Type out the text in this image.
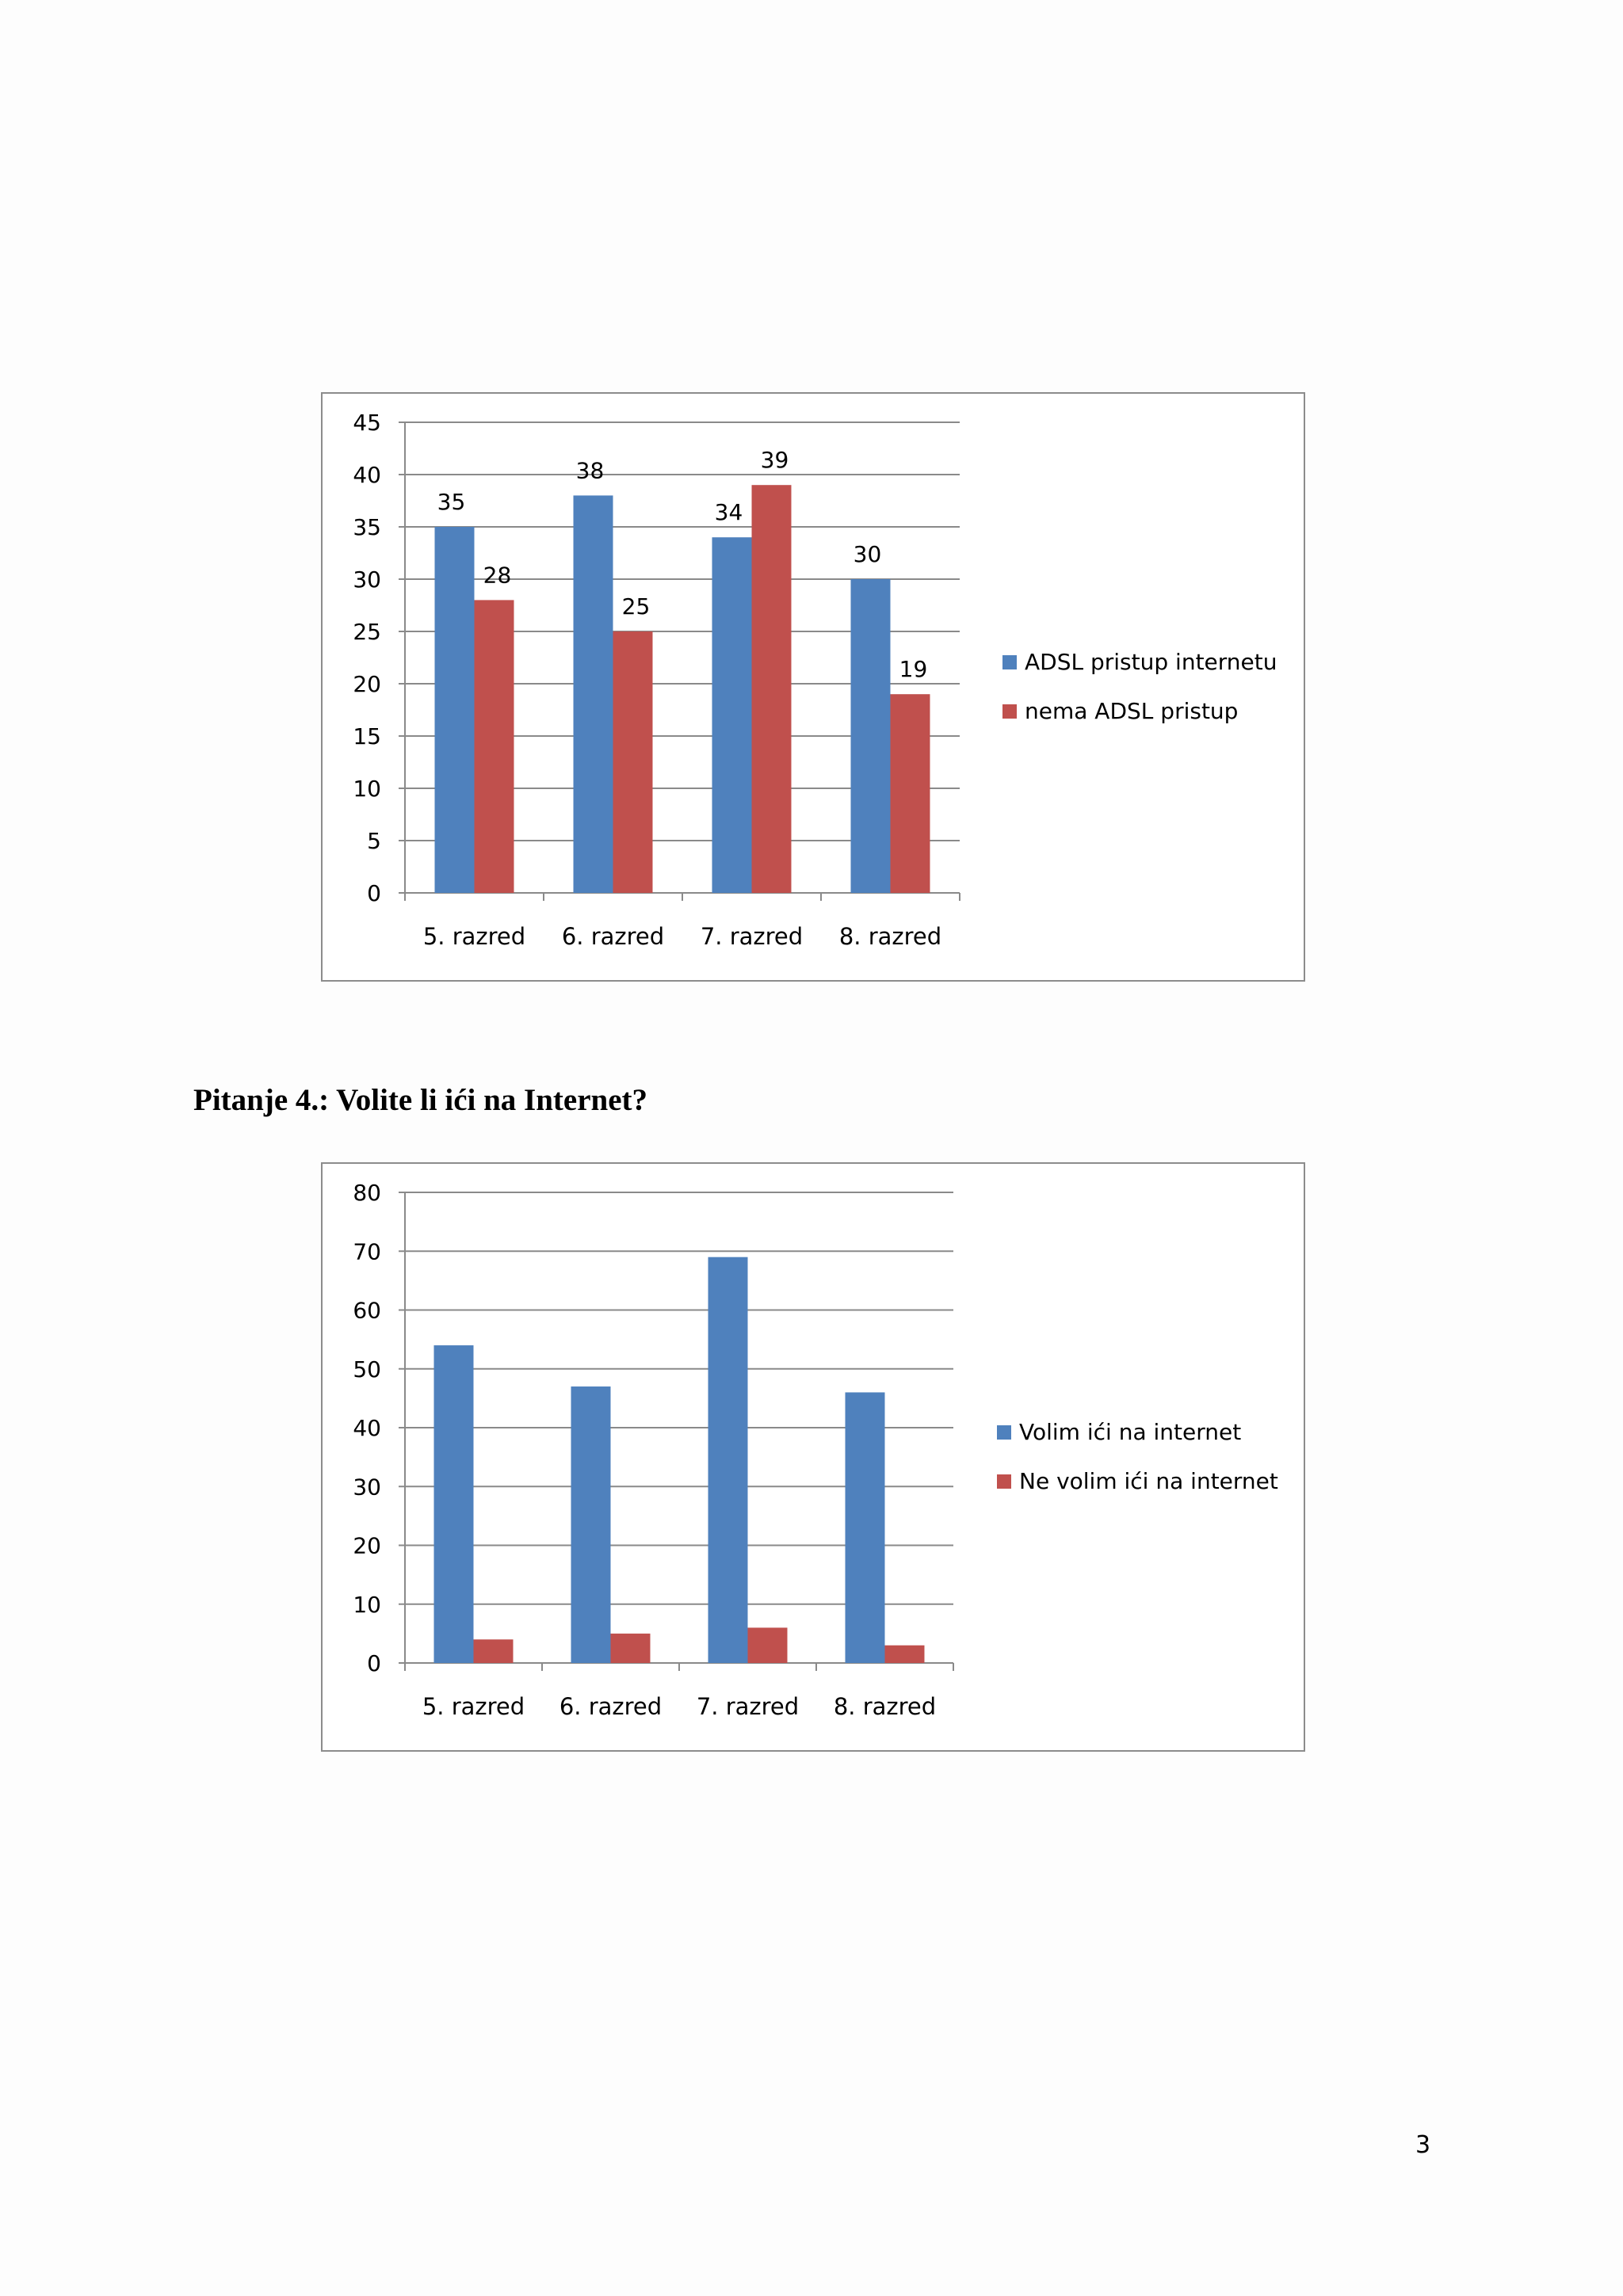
0
5
10
15
20
25
30
35
40
45
35
28
5. razred
38
25
6. razred
34
39
7. razred
30
19
8. razred
ADSL pristup internetu
nema ADSL pristup
Pitanje 4.: Volite li ići na Internet?
0
10
20
30
40
50
60
70
80
5. razred 6. razred 7. razred 8. razred
Volim ići na internet
Ne volim ići na internet
3
